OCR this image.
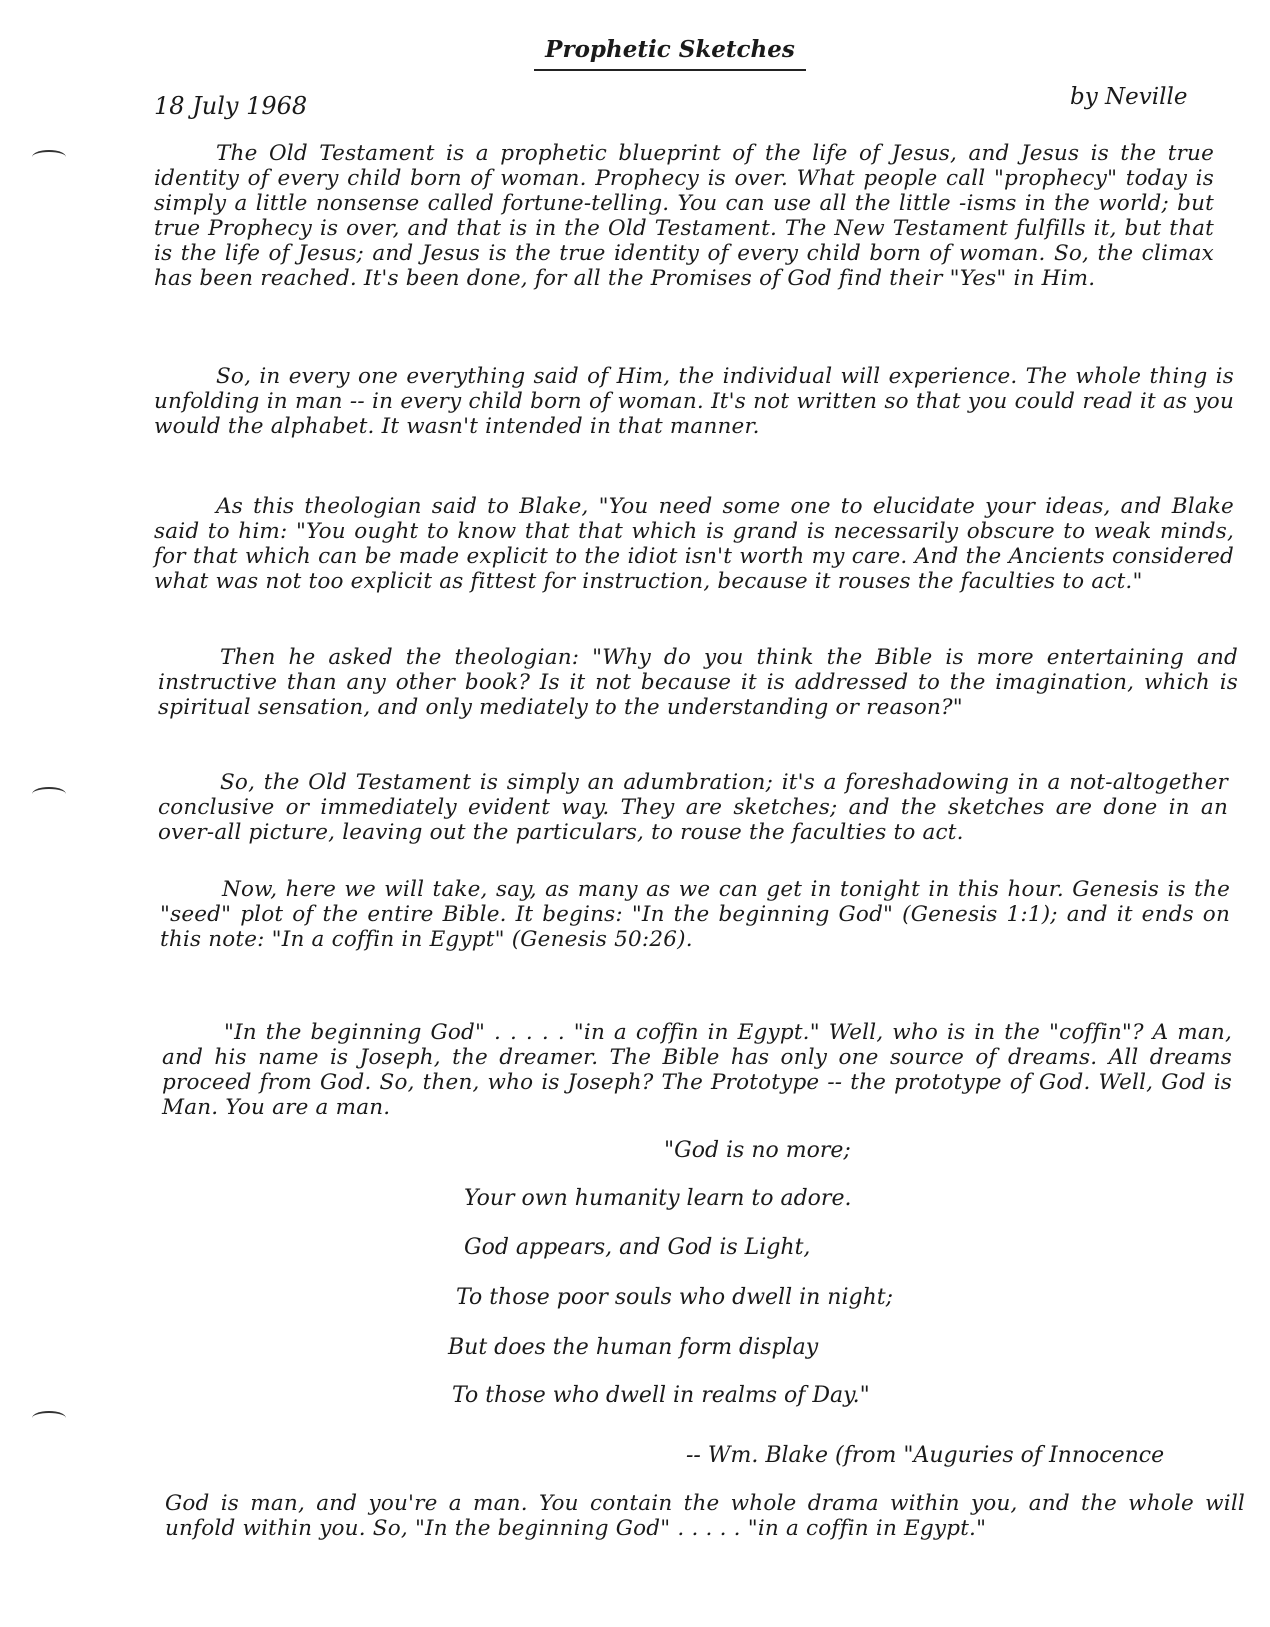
Prophetic Sketches
18 July 1968	by Neville

The Old Testament is a prophetic blueprint of the life of Jesus, and Jesus is the true identity of every child born of woman. Prophecy is over. What people call "prophecy" today is simply a little nonsense called fortune-telling. You can use all the little -isms in the world; but true Prophecy is over, and that is in the Old Testament. The New Testament fulfills it, but that is the life of Jesus; and Jesus is the true identity of every child born of woman. So, the climax has been reached. It's been done, for all the Promises of God find their "Yes" in Him.

So, in every one everything said of Him, the individual will experience. The whole thing is unfolding in man -- in every child born of woman. It's not written so that you could read it as you would the alphabet. It wasn't intended in that manner.

As this theologian said to Blake, "You need some one to elucidate your ideas, and Blake said to him: "You ought to know that that which is grand is necessarily obscure to weak minds, for that which can be made explicit to the idiot isn't worth my care. And the Ancients considered what was not too explicit as fittest for instruction, because it rouses the faculties to act."

Then he asked the theologian: "Why do you think the Bible is more entertaining and instructive than any other book? Is it not because it is addressed to the imagination, which is spiritual sensation, and only mediately to the understanding or reason?"

So, the Old Testament is simply an adumbration; it's a foreshadowing in a not-altogether conclusive or immediately evident way. They are sketches; and the sketches are done in an over-all picture, leaving out the particulars, to rouse the faculties to act.

Now, here we will take, say, as many as we can get in tonight in this hour. Genesis is the "seed" plot of the entire Bible. It begins: "In the beginning God" (Genesis 1:1); and it ends on this note: "In a coffin in Egypt" (Genesis 50:26).

"In the beginning God" . . . . . "in a coffin in Egypt." Well, who is in the "coffin"? A man, and his name is Joseph, the dreamer. The Bible has only one source of dreams. All dreams proceed from God. So, then, who is Joseph? The Prototype -- the prototype of God. Well, God is Man. You are a man.

"God is no more;
Your own humanity learn to adore.
God appears, and God is Light,
To those poor souls who dwell in night;
But does the human form display
To those who dwell in realms of Day."
-- Wm. Blake (from "Auguries of Innocence

God is man, and you're a man. You contain the whole drama within you, and the whole will unfold within you. So, "In the beginning God" . . . . . "in a coffin in Egypt."
